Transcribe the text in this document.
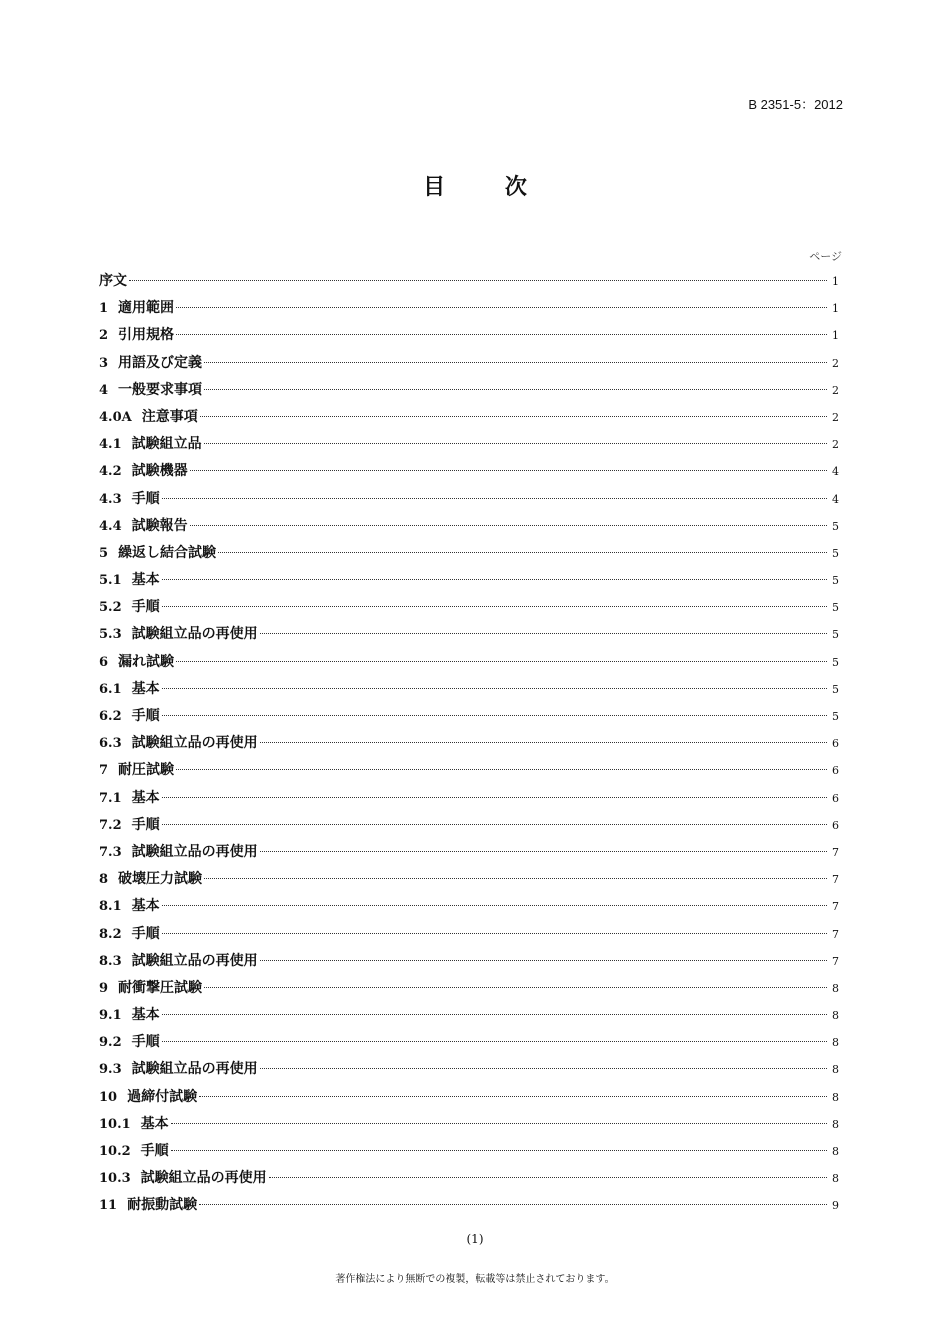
B 2351-5：2012
目 次
ページ
序文	1
1 適用範囲	1
2 引用規格	1
3 用語及び定義	2
4 一般要求事項	2
4.0A 注意事項	2
4.1 試験組立品	2
4.2 試験機器	4
4.3 手順	4
4.4 試験報告	5
5 繰返し結合試験	5
5.1 基本	5
5.2 手順	5
5.3 試験組立品の再使用	5
6 漏れ試験	5
6.1 基本	5
6.2 手順	5
6.3 試験組立品の再使用	6
7 耐圧試験	6
7.1 基本	6
7.2 手順	6
7.3 試験組立品の再使用	7
8 破壊圧力試験	7
8.1 基本	7
8.2 手順	7
8.3 試験組立品の再使用	7
9 耐衝撃圧試験	8
9.1 基本	8
9.2 手順	8
9.3 試験組立品の再使用	8
10 過締付試験	8
10.1 基本	8
10.2 手順	8
10.3 試験組立品の再使用	8
11 耐振動試験	9
(1)
著作権法により無断での複製，転載等は禁止されております。
